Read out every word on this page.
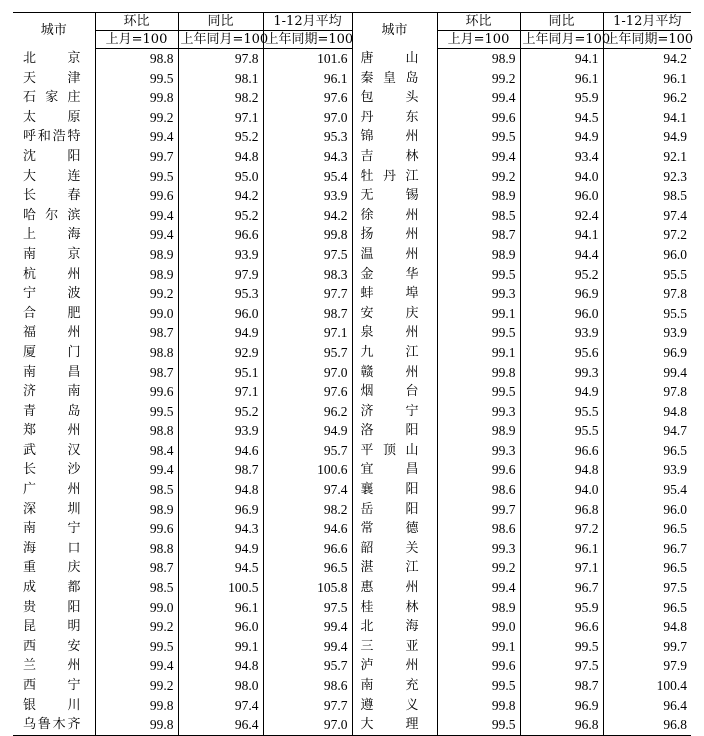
城市	环比	同比	1-12月平均	城市	环比	同比	1-12月平均
	上月=100	上年同月=100	上年同期=100		上月=100	上年同月=100	上年同期=100
北京	98.8	97.8	101.6	唐山	98.9	94.1	94.2
天津	99.5	98.1	96.1	秦皇岛	99.2	96.1	96.1
石家庄	99.8	98.2	97.6	包头	99.4	95.9	96.2
太原	99.2	97.1	97.0	丹东	99.6	94.5	94.1
呼和浩特	99.4	95.2	95.3	锦州	99.5	94.9	94.9
沈阳	99.7	94.8	94.3	吉林	99.4	93.4	92.1
大连	99.5	95.0	95.4	牡丹江	99.2	94.0	92.3
长春	99.6	94.2	93.9	无锡	98.9	96.0	98.5
哈尔滨	99.4	95.2	94.2	徐州	98.5	92.4	97.4
上海	99.4	96.6	99.8	扬州	98.7	94.1	97.2
南京	98.9	93.9	97.5	温州	98.9	94.4	96.0
杭州	98.9	97.9	98.3	金华	99.5	95.2	95.5
宁波	99.2	95.3	97.7	蚌埠	99.3	96.9	97.8
合肥	99.0	96.0	98.7	安庆	99.1	96.0	95.5
福州	98.7	94.9	97.1	泉州	99.5	93.9	93.9
厦门	98.8	92.9	95.7	九江	99.1	95.6	96.9
南昌	98.7	95.1	97.0	赣州	99.8	99.3	99.4
济南	99.6	97.1	97.6	烟台	99.5	94.9	97.8
青岛	99.5	95.2	96.2	济宁	99.3	95.5	94.8
郑州	98.8	93.9	94.9	洛阳	98.9	95.5	94.7
武汉	98.4	94.6	95.7	平顶山	99.3	96.6	96.5
长沙	99.4	98.7	100.6	宜昌	99.6	94.8	93.9
广州	98.5	94.8	97.4	襄阳	98.6	94.0	95.4
深圳	98.9	96.9	98.2	岳阳	99.7	96.8	96.0
南宁	99.6	94.3	94.6	常德	98.6	97.2	96.5
海口	98.8	94.9	96.6	韶关	99.3	96.1	96.7
重庆	98.7	94.5	96.5	湛江	99.2	97.1	96.5
成都	98.5	100.5	105.8	惠州	99.4	96.7	97.5
贵阳	99.0	96.1	97.5	桂林	98.9	95.9	96.5
昆明	99.2	96.0	99.4	北海	99.0	96.6	94.8
西安	99.5	99.1	99.4	三亚	99.1	99.5	99.7
兰州	99.4	94.8	95.7	泸州	99.6	97.5	97.9
西宁	99.2	98.0	98.6	南充	99.5	98.7	100.4
银川	99.8	97.4	97.7	遵义	99.8	96.9	96.4
乌鲁木齐	99.8	96.4	97.0	大理	99.5	96.8	96.8
